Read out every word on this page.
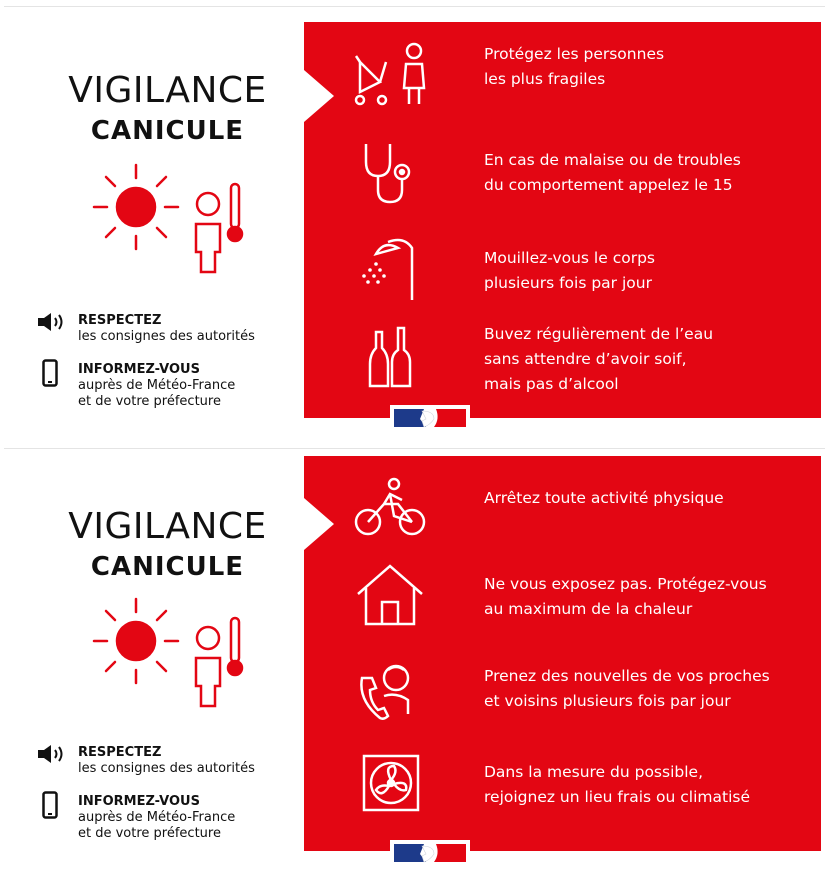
VIGILANCE
CANICULE
RESPECTEZ
les consignes des autorités
INFORMEZ-VOUS
auprès de Météo-France
et de votre préfecture
Protégez les personnes
les plus fragiles
En cas de malaise ou de troubles
du comportement appelez le 15
Mouillez-vous le corps
plusieurs fois par jour
Buvez régulièrement de l’eau
sans attendre d’avoir soif,
mais pas d’alcool
VIGILANCE
CANICULE
RESPECTEZ
les consignes des autorités
INFORMEZ-VOUS
auprès de Météo-France
et de votre préfecture
Arrêtez toute activité physique
Ne vous exposez pas. Protégez-vous
au maximum de la chaleur
Prenez des nouvelles de vos proches
et voisins plusieurs fois par jour
Dans la mesure du possible,
rejoignez un lieu frais ou climatisé
